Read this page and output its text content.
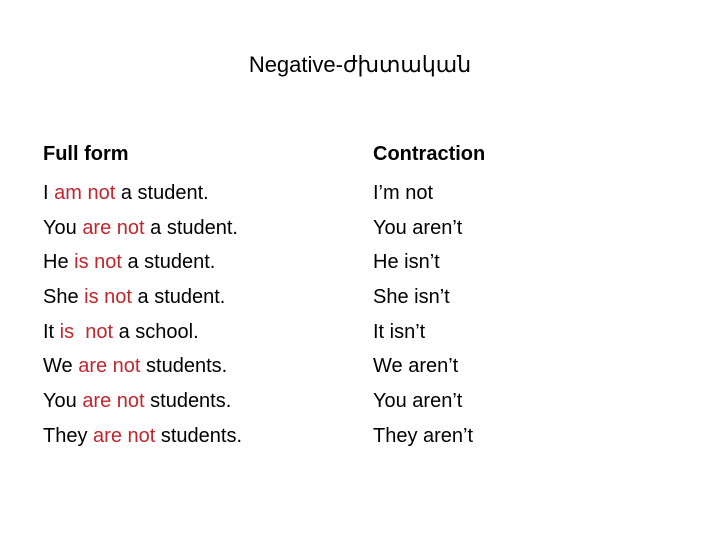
Negative-ժխտական
Full form
I am not a student.
You are not a student.
He is not a student.
She is not a student.
It is  not a school.
We are not students.
You are not students.
They are not students.
Contraction
I’m not
You aren’t
He isn’t
She isn’t
It isn’t
We aren’t
You aren’t
They aren’t
